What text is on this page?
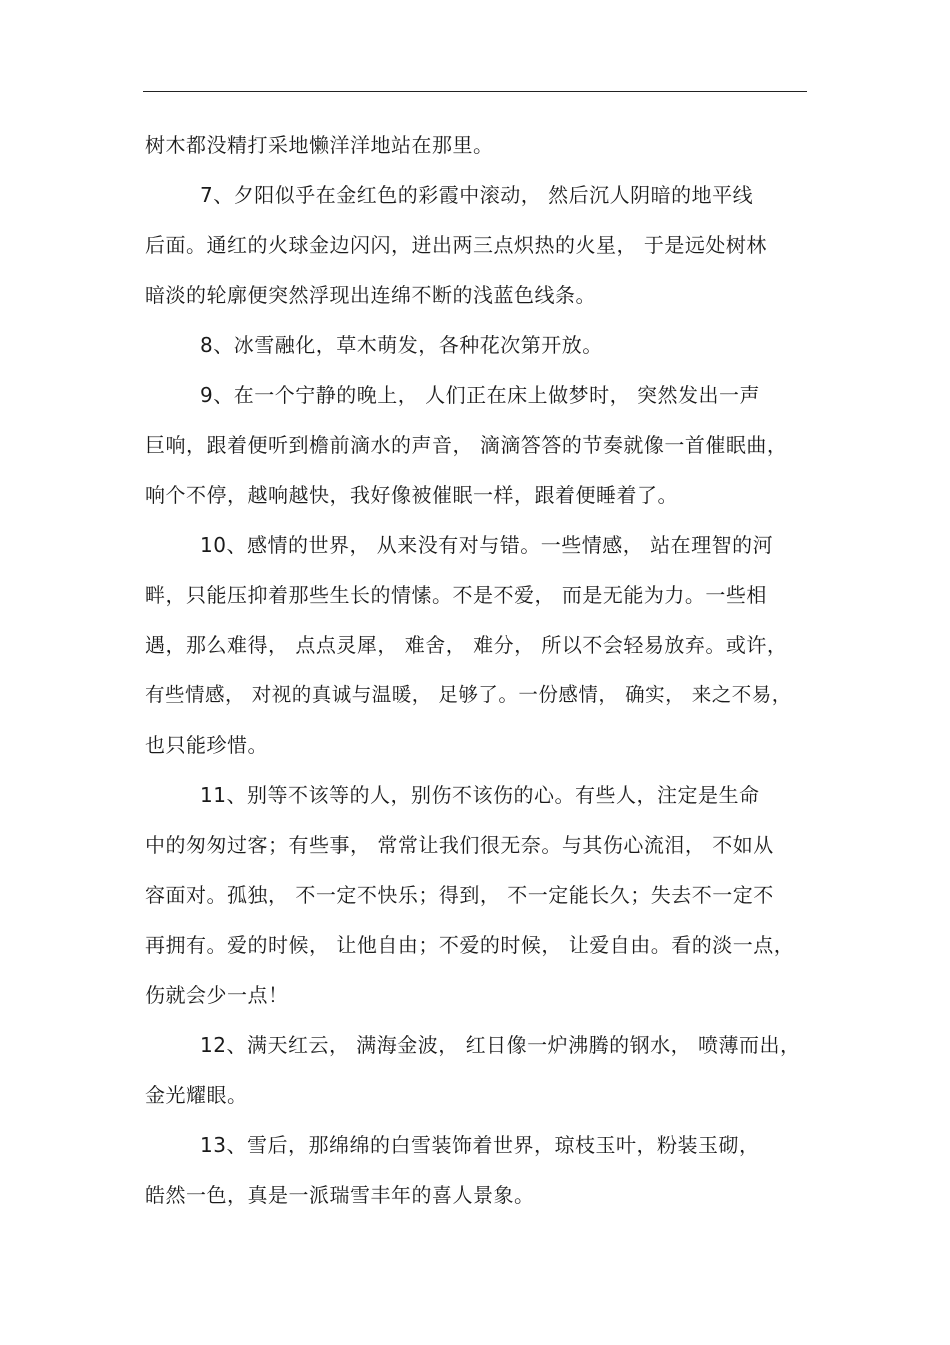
树木都没精打采地懒洋洋地站在那里。
7、夕阳似乎在金红色的彩霞中滚动， 然后沉人阴暗的地平线
后面。通红的火球金边闪闪，迸出两三点炽热的火星， 于是远处树林
暗淡的轮廓便突然浮现出连绵不断的浅蓝色线条。
8、冰雪融化，草木萌发，各种花次第开放。
9、在一个宁静的晚上， 人们正在床上做梦时， 突然发出一声
巨响，跟着便听到檐前滴水的声音， 滴滴答答的节奏就像一首催眠曲，
响个不停，越响越快，我好像被催眠一样，跟着便睡着了。
10、感情的世界， 从来没有对与错。一些情感， 站在理智的河
畔，只能压抑着那些生长的情愫。不是不爱， 而是无能为力。一些相
遇，那么难得， 点点灵犀， 难舍， 难分， 所以不会轻易放弃。或许，
有些情感， 对视的真诚与温暖， 足够了。一份感情， 确实， 来之不易，
也只能珍惜。
11、别等不该等的人，别伤不该伤的心。有些人，注定是生命
中的匆匆过客；有些事， 常常让我们很无奈。与其伤心流泪， 不如从
容面对。孤独， 不一定不快乐；得到， 不一定能长久；失去不一定不
再拥有。爱的时候， 让他自由；不爱的时候， 让爱自由。看的淡一点，
伤就会少一点！
12、满天红云， 满海金波， 红日像一炉沸腾的钢水， 喷薄而出，
金光耀眼。
13、雪后，那绵绵的白雪装饰着世界，琼枝玉叶，粉装玉砌，
皓然一色，真是一派瑞雪丰年的喜人景象。
